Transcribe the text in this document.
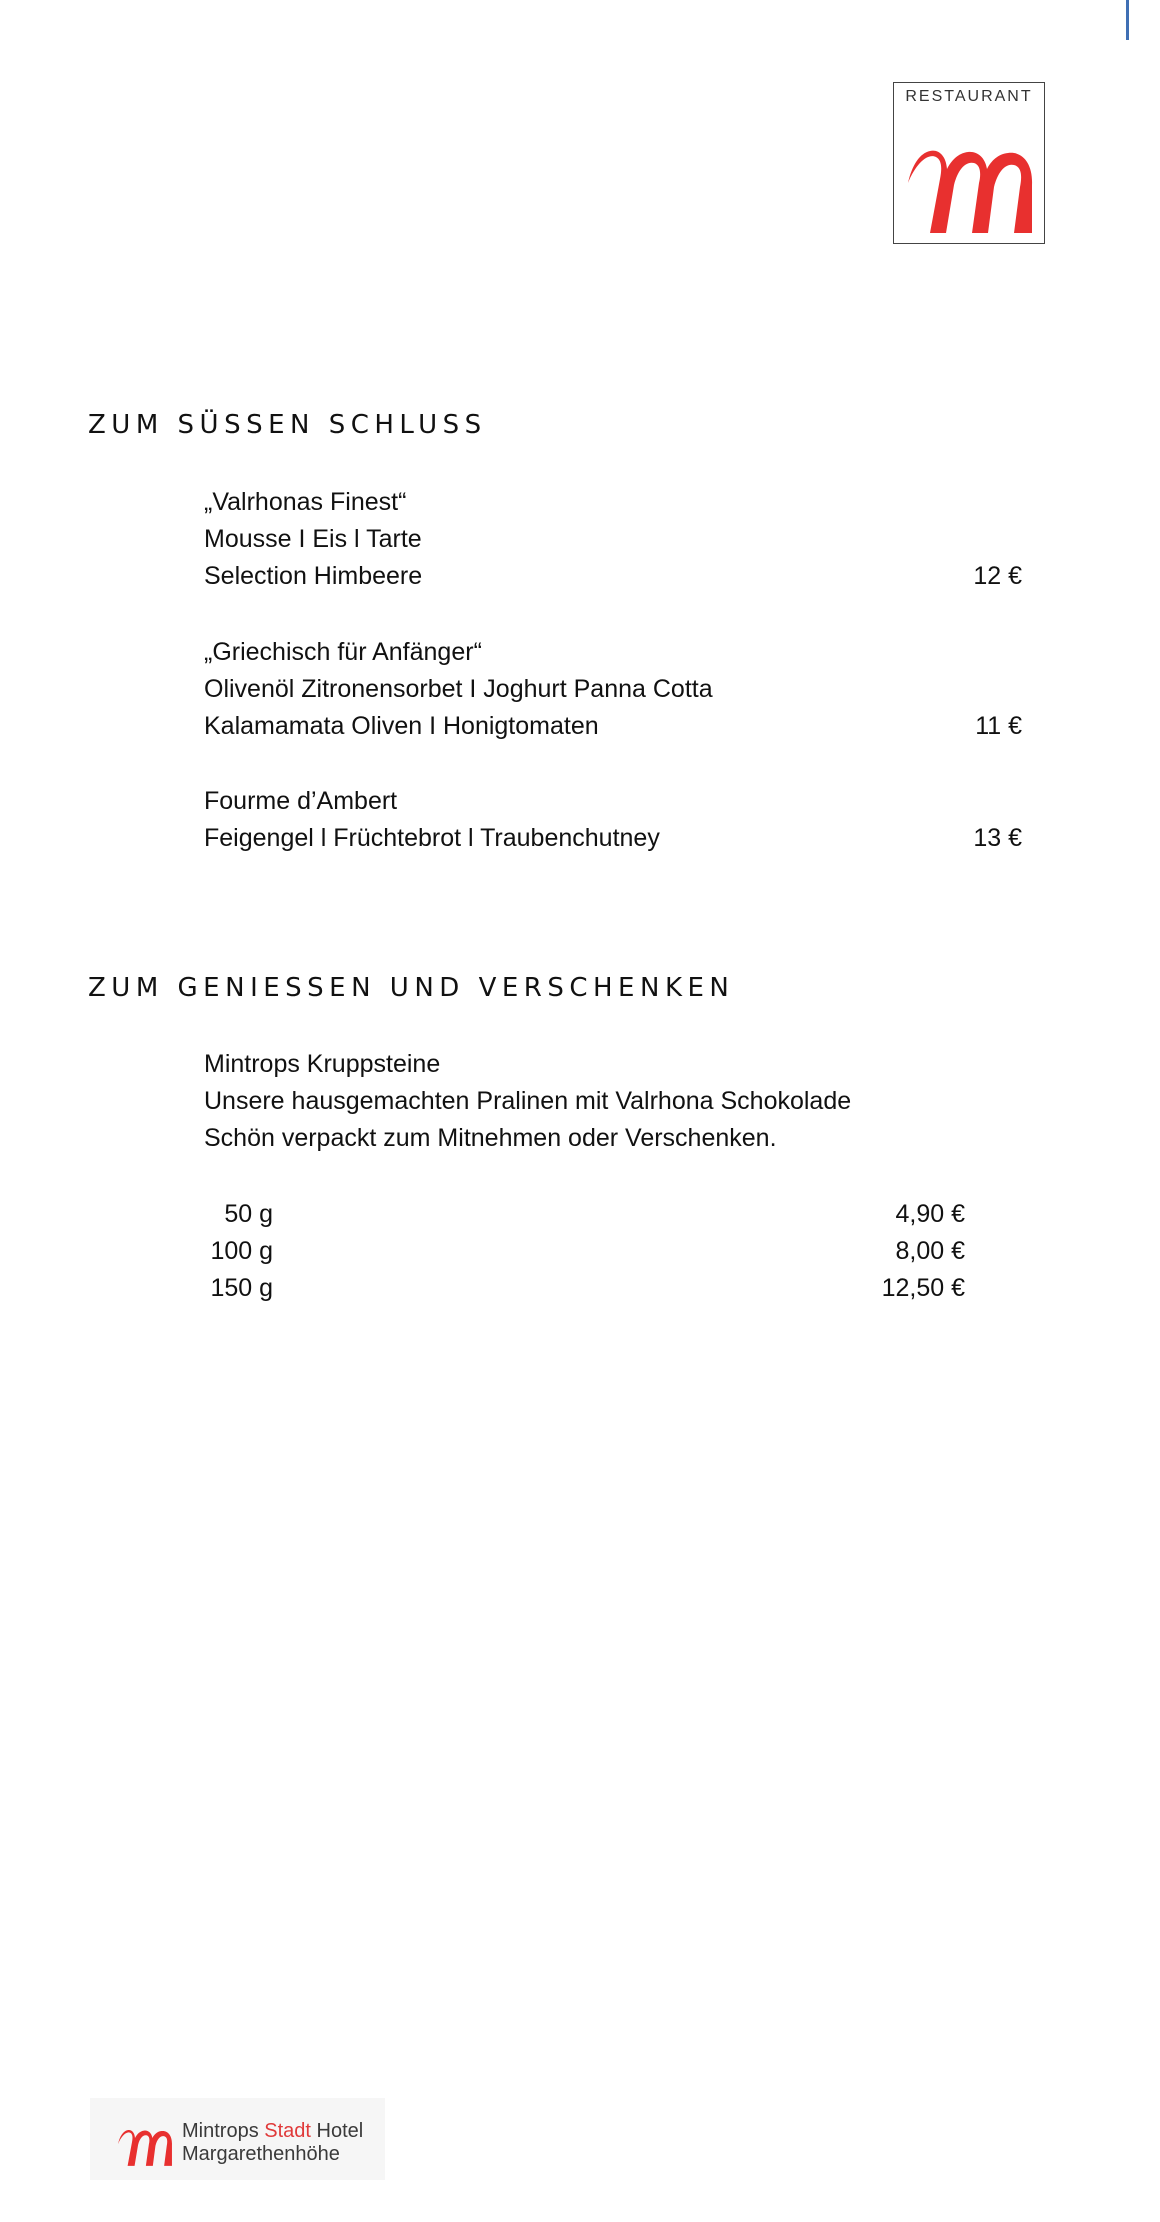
RESTAURANT
ZUM SÜSSEN SCHLUSS
„Valrhonas Finest“
Mousse I Eis l Tarte
Selection Himbeere	12 €
„Griechisch für Anfänger“
Olivenöl Zitronensorbet I Joghurt Panna Cotta
Kalamamata Oliven I Honigtomaten	11 €
Fourme d’Ambert
Feigengel l Früchtebrot l Traubenchutney	13 €
ZUM GENIESSEN UND VERSCHENKEN
Mintrops Kruppsteine
Unsere hausgemachten Pralinen mit Valrhona Schokolade
Schön verpackt zum Mitnehmen oder Verschenken.
50 g	4,90 €
100 g	8,00 €
150 g	12,50 €
Mintrops Stadt Hotel
Margarethenhöhe
